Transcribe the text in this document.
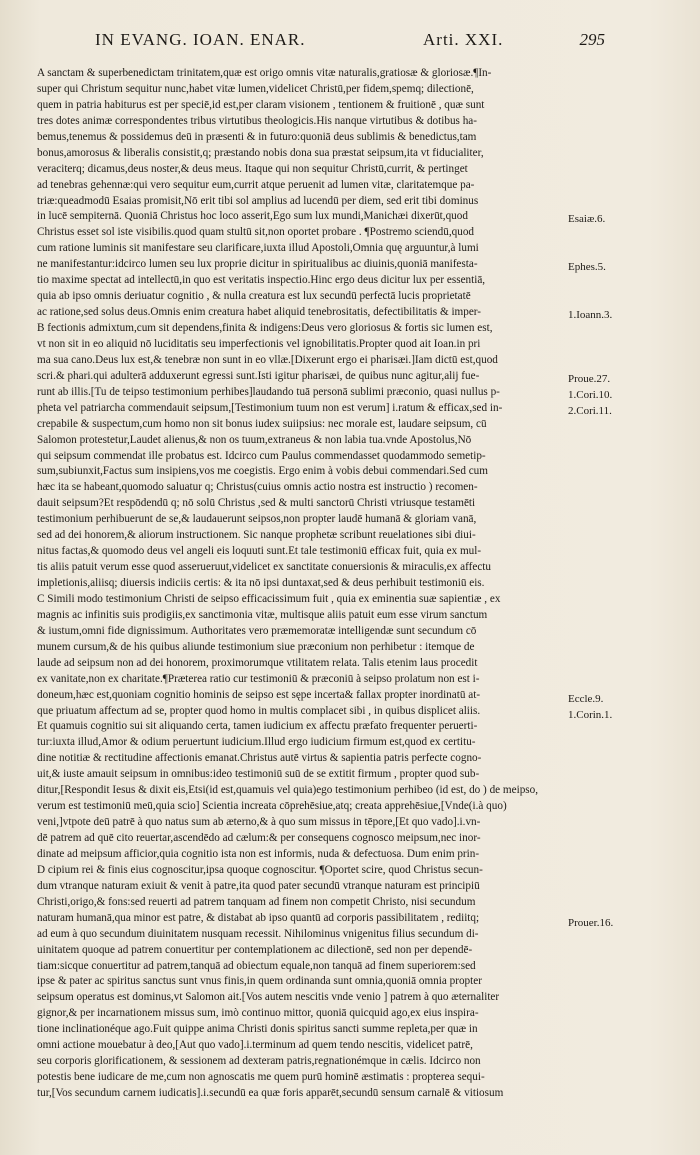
IN EVANG. IOAN. ENAR.	Arti. XXI.	295
A sanctam & superbenedictam trinitatem,quæ est origo omnis vitæ naturalis,gratiosæ & gloriosæ.¶In-
super qui Christum sequitur nunc,habet vitæ lumen,videlicet Christū,per fidem,spemq; dilectionē,
quem in patria habiturus est per speciē,id est,per claram visionem , tentionem & fruitionē , quæ sunt
tres dotes animæ correspondentes tribus virtutibus theologicis.His nanque virtutibus & dotibus ha-
bemus,tenemus & possidemus deū in præsenti & in futuro:quoniā deus sublimis & benedictus,tam
bonus,amorosus & liberalis consistit,q; præstando nobis dona sua præstat seipsum,ita vt fiducialiter,
veraciterq; dicamus,deus noster,& deus meus. Itaque qui non sequitur Christū,currit, & pertinget
ad tenebras gehennæ:qui vero sequitur eum,currit atque peruenit ad lumen vitæ, claritatemque pa-
triæ:queadmodū Esaias promisit,Nō erit tibi sol amplius ad lucendū per diem, sed erit tibi dominus
in lucē sempiternā. Quoniā Christus hoc loco asserit,Ego sum lux mundi,Manichæi dixerūt,quod
Christus esset sol iste visibilis.quod quam stultū sit,non oportet probare . ¶Postremo sciendū,quod
cum ratione luminis sit manifestare seu clarificare,iuxta illud Apostoli,Omnia quę arguuntur,à lumi
ne manifestantur:idcirco lumen seu lux proprie dicitur in spiritualibus ac diuinis,quoniā manifesta-
tio maxime spectat ad intellectū,in quo est veritatis inspectio.Hinc ergo deus dicitur lux per essentiā,
quia ab ipso omnis deriuatur cognitio , & nulla creatura est lux secundū perfectā lucis proprietatē
ac ratione,sed solus deus.Omnis enim creatura habet aliquid tenebrositatis, defectibilitatis & imper-
B fectionis admixtum,cum sit dependens,finita & indigens:Deus vero gloriosus & fortis sic lumen est,
vt non sit in eo aliquid nō luciditatis seu imperfectionis vel ignobilitatis.Propter quod ait Ioan.in pri
ma sua cano.Deus lux est,& tenebræ non sunt in eo vllæ.[Dixerunt ergo ei pharisæi.]Iam dictū est,quod
scri.& phari.qui adulterā adduxerunt egressi sunt.Isti igitur pharisæi, de quibus nunc agitur,alij fue-
runt ab illis.[Tu de teipso testimonium perhibes]laudando tuā personā sublimi præconio, quasi nullus p-
pheta vel patriarcha commendauit seipsum,[Testimonium tuum non est verum] i.ratum & efficax,sed in-
crepabile & suspectum,cum homo non sit bonus iudex suiipsius: nec morale est, laudare seipsum, cū
Salomon protestetur,Laudet alienus,& non os tuum,extraneus & non labia tua.vnde Apostolus,Nō
qui seipsum commendat ille probatus est. Idcirco cum Paulus commendasset quodammodo semetip-
sum,subiunxit,Factus sum insipiens,vos me coegistis. Ergo enim à vobis debui commendari.Sed cum
hæc ita se habeant,quomodo saluatur q; Christus(cuius omnis actio nostra est instructio ) recomen-
dauit seipsum?Et respōdendū q; nō solū Christus ,sed & multi sanctorū Christi vtriusque testamēti
testimonium perhibuerunt de se,& laudauerunt seipsos,non propter laudē humanā & gloriam vanā,
sed ad dei honorem,& aliorum instructionem. Sic nanque prophetæ scribunt reuelationes sibi diui-
nitus factas,& quomodo deus vel angeli eis loquuti sunt.Et tale testimoniū efficax fuit, quia ex mul-
tis aliis patuit verum esse quod asserueruut,videlicet ex sanctitate conuersionis & miraculis,ex affectu
impletionis,aliisq; diuersis indiciis certis: & ita nō ipsi duntaxat,sed & deus perhibuit testimoniū eis.
C Simili modo testimonium Christi de seipso efficacissimum fuit , quia ex eminentia suæ sapientiæ , ex
magnis ac infinitis suis prodigiis,ex sanctimonia vitæ, multisque aliis patuit eum esse virum sanctum
& iustum,omni fide dignissimum. Authoritates vero præmemoratæ intelligendæ sunt secundum cō
munem cursum,& de his quibus aliunde testimonium siue præconium non perhibetur : itemque de
laude ad seipsum non ad dei honorem, proximorumque vtilitatem relata. Talis etenim laus procedit
ex vanitate,non ex charitate.¶Præterea ratio cur testimoniū & præconiū à seipso prolatum non est i-
doneum,hæc est,quoniam cognitio hominis de seipso est sępe incerta& fallax propter inordinatū at-
que priuatum affectum ad se, propter quod homo in multis complacet sibi , in quibus displicet aliis.
Et quamuis cognitio sui sit aliquando certa, tamen iudicium ex affectu præfato frequenter peruerti-
tur:iuxta illud,Amor & odium peruertunt iudicium.Illud ergo iudicium firmum est,quod ex certitu-
dine notitiæ & rectitudine affectionis emanat.Christus autē virtus & sapientia patris perfecte cogno-
uit,& iuste amauit seipsum in omnibus:ideo testimoniū suū de se extitit firmum , propter quod sub-
ditur,[Respondit Iesus & dixit eis,Etsi(id est,quamuis vel quia)ego testimonium perhibeo (id est, do ) de meipso,
verum est testimoniū meū,quia scio] Scientia increata cōprehēsiue,atq; creata apprehēsiue,[Vnde(i.à quo)
veni,]vtpote deū patrē à quo natus sum ab æterno,& à quo sum missus in tēpore,[Et quo vado].i.vn-
dē patrem ad quē cito reuertar,ascendēdo ad cælum:& per consequens cognosco meipsum,nec inor-
dinate ad meipsum afficior,quia cognitio ista non est informis, nuda & defectuosa. Dum enim prin-
D cipium rei & finis eius cognoscitur,ipsa quoque cognoscitur. ¶Oportet scire, quod Christus secun-
dum vtranque naturam exiuit & venit à patre,ita quod pater secundū vtranque naturam est principiū
Christi,origo,& fons:sed reuerti ad patrem tanquam ad finem non competit Christo, nisi secundum
naturam humanā,qua minor est patre, & distabat ab ipso quantū ad corporis passibilitatem , rediitq;
ad eum à quo secundum diuinitatem nusquam recessit. Nihilominus vnigenitus filius secundum di-
uinitatem quoque ad patrem conuertitur per contemplationem ac dilectionē, sed non per dependē-
tiam:sicque conuertitur ad patrem,tanquā ad obiectum equale,non tanquā ad finem superiorem:sed
ipse & pater ac spiritus sanctus sunt vnus finis,in quem ordinanda sunt omnia,quoniā omnia propter
seipsum operatus est dominus,vt Salomon ait.[Vos autem nescitis vnde venio ] patrem à quo æternaliter
gignor,& per incarnationem missus sum, imò continuo mittor, quoniā quicquid ago,ex eius inspira-
tione inclinationéque ago.Fuit quippe anima Christi donis spiritus sancti summe repleta,per quæ in
omni actione mouebatur à deo,[Aut quo vado].i.terminum ad quem tendo nescitis, videlicet patrē,
seu corporis glorificationem, & sessionem ad dexteram patris,regnationémque in cælis. Idcirco non
potestis bene iudicare de me,cum non agnoscatis me quem purū hominē æstimatis : propterea sequi-
tur,[Vos secundum carnem iudicatis].i.secundū ea quæ foris apparēt,secundū sensum carnalē & vitiosum
Esaiæ.6.
Ephes.5.
1.Ioann.3.
Proue.27.
1.Cori.10.
2.Cori.11.
Eccle.9.
1.Corin.1.
Prouer.16.
